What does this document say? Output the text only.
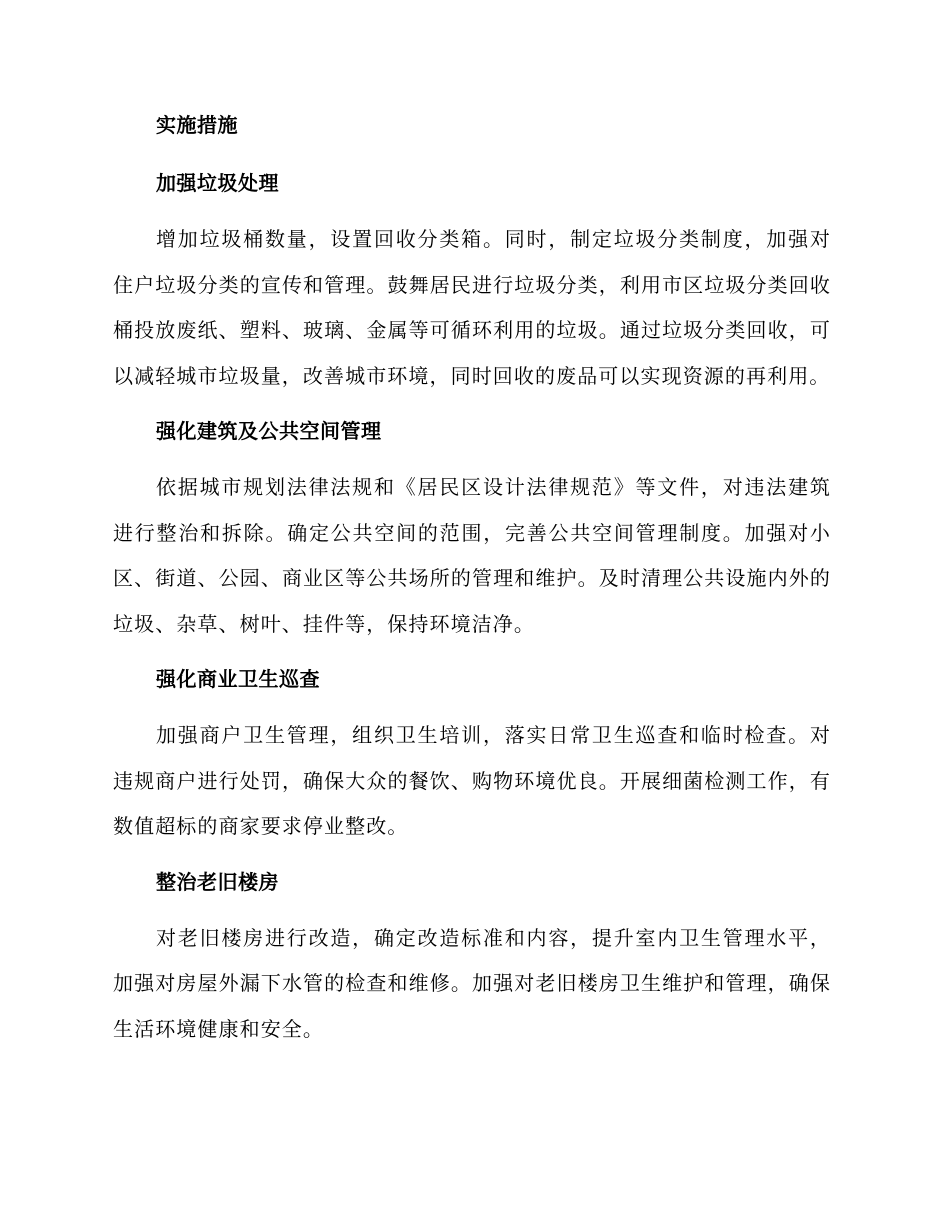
实施措施
加强垃圾处理

增加垃圾桶数量，设置回收分类箱。同时，制定垃圾分类制度，加强对住户垃圾分类的宣传和管理。鼓舞居民进行垃圾分类，利用市区垃圾分类回收桶投放废纸、塑料、玻璃、金属等可循环利用的垃圾。通过垃圾分类回收，可以减轻城市垃圾量，改善城市环境，同时回收的废品可以实现资源的再利用。

强化建筑及公共空间管理

依据城市规划法律法规和《居民区设计法律规范》等文件，对违法建筑进行整治和拆除。确定公共空间的范围，完善公共空间管理制度。加强对小区、街道、公园、商业区等公共场所的管理和维护。及时清理公共设施内外的垃圾、杂草、树叶、挂件等，保持环境洁净。

强化商业卫生巡查

加强商户卫生管理，组织卫生培训，落实日常卫生巡查和临时检查。对违规商户进行处罚，确保大众的餐饮、购物环境优良。开展细菌检测工作，有数值超标的商家要求停业整改。

整治老旧楼房

对老旧楼房进行改造，确定改造标准和内容，提升室内卫生管理水平，加强对房屋外漏下水管的检查和维修。加强对老旧楼房卫生维护和管理，确保生活环境健康和安全。
